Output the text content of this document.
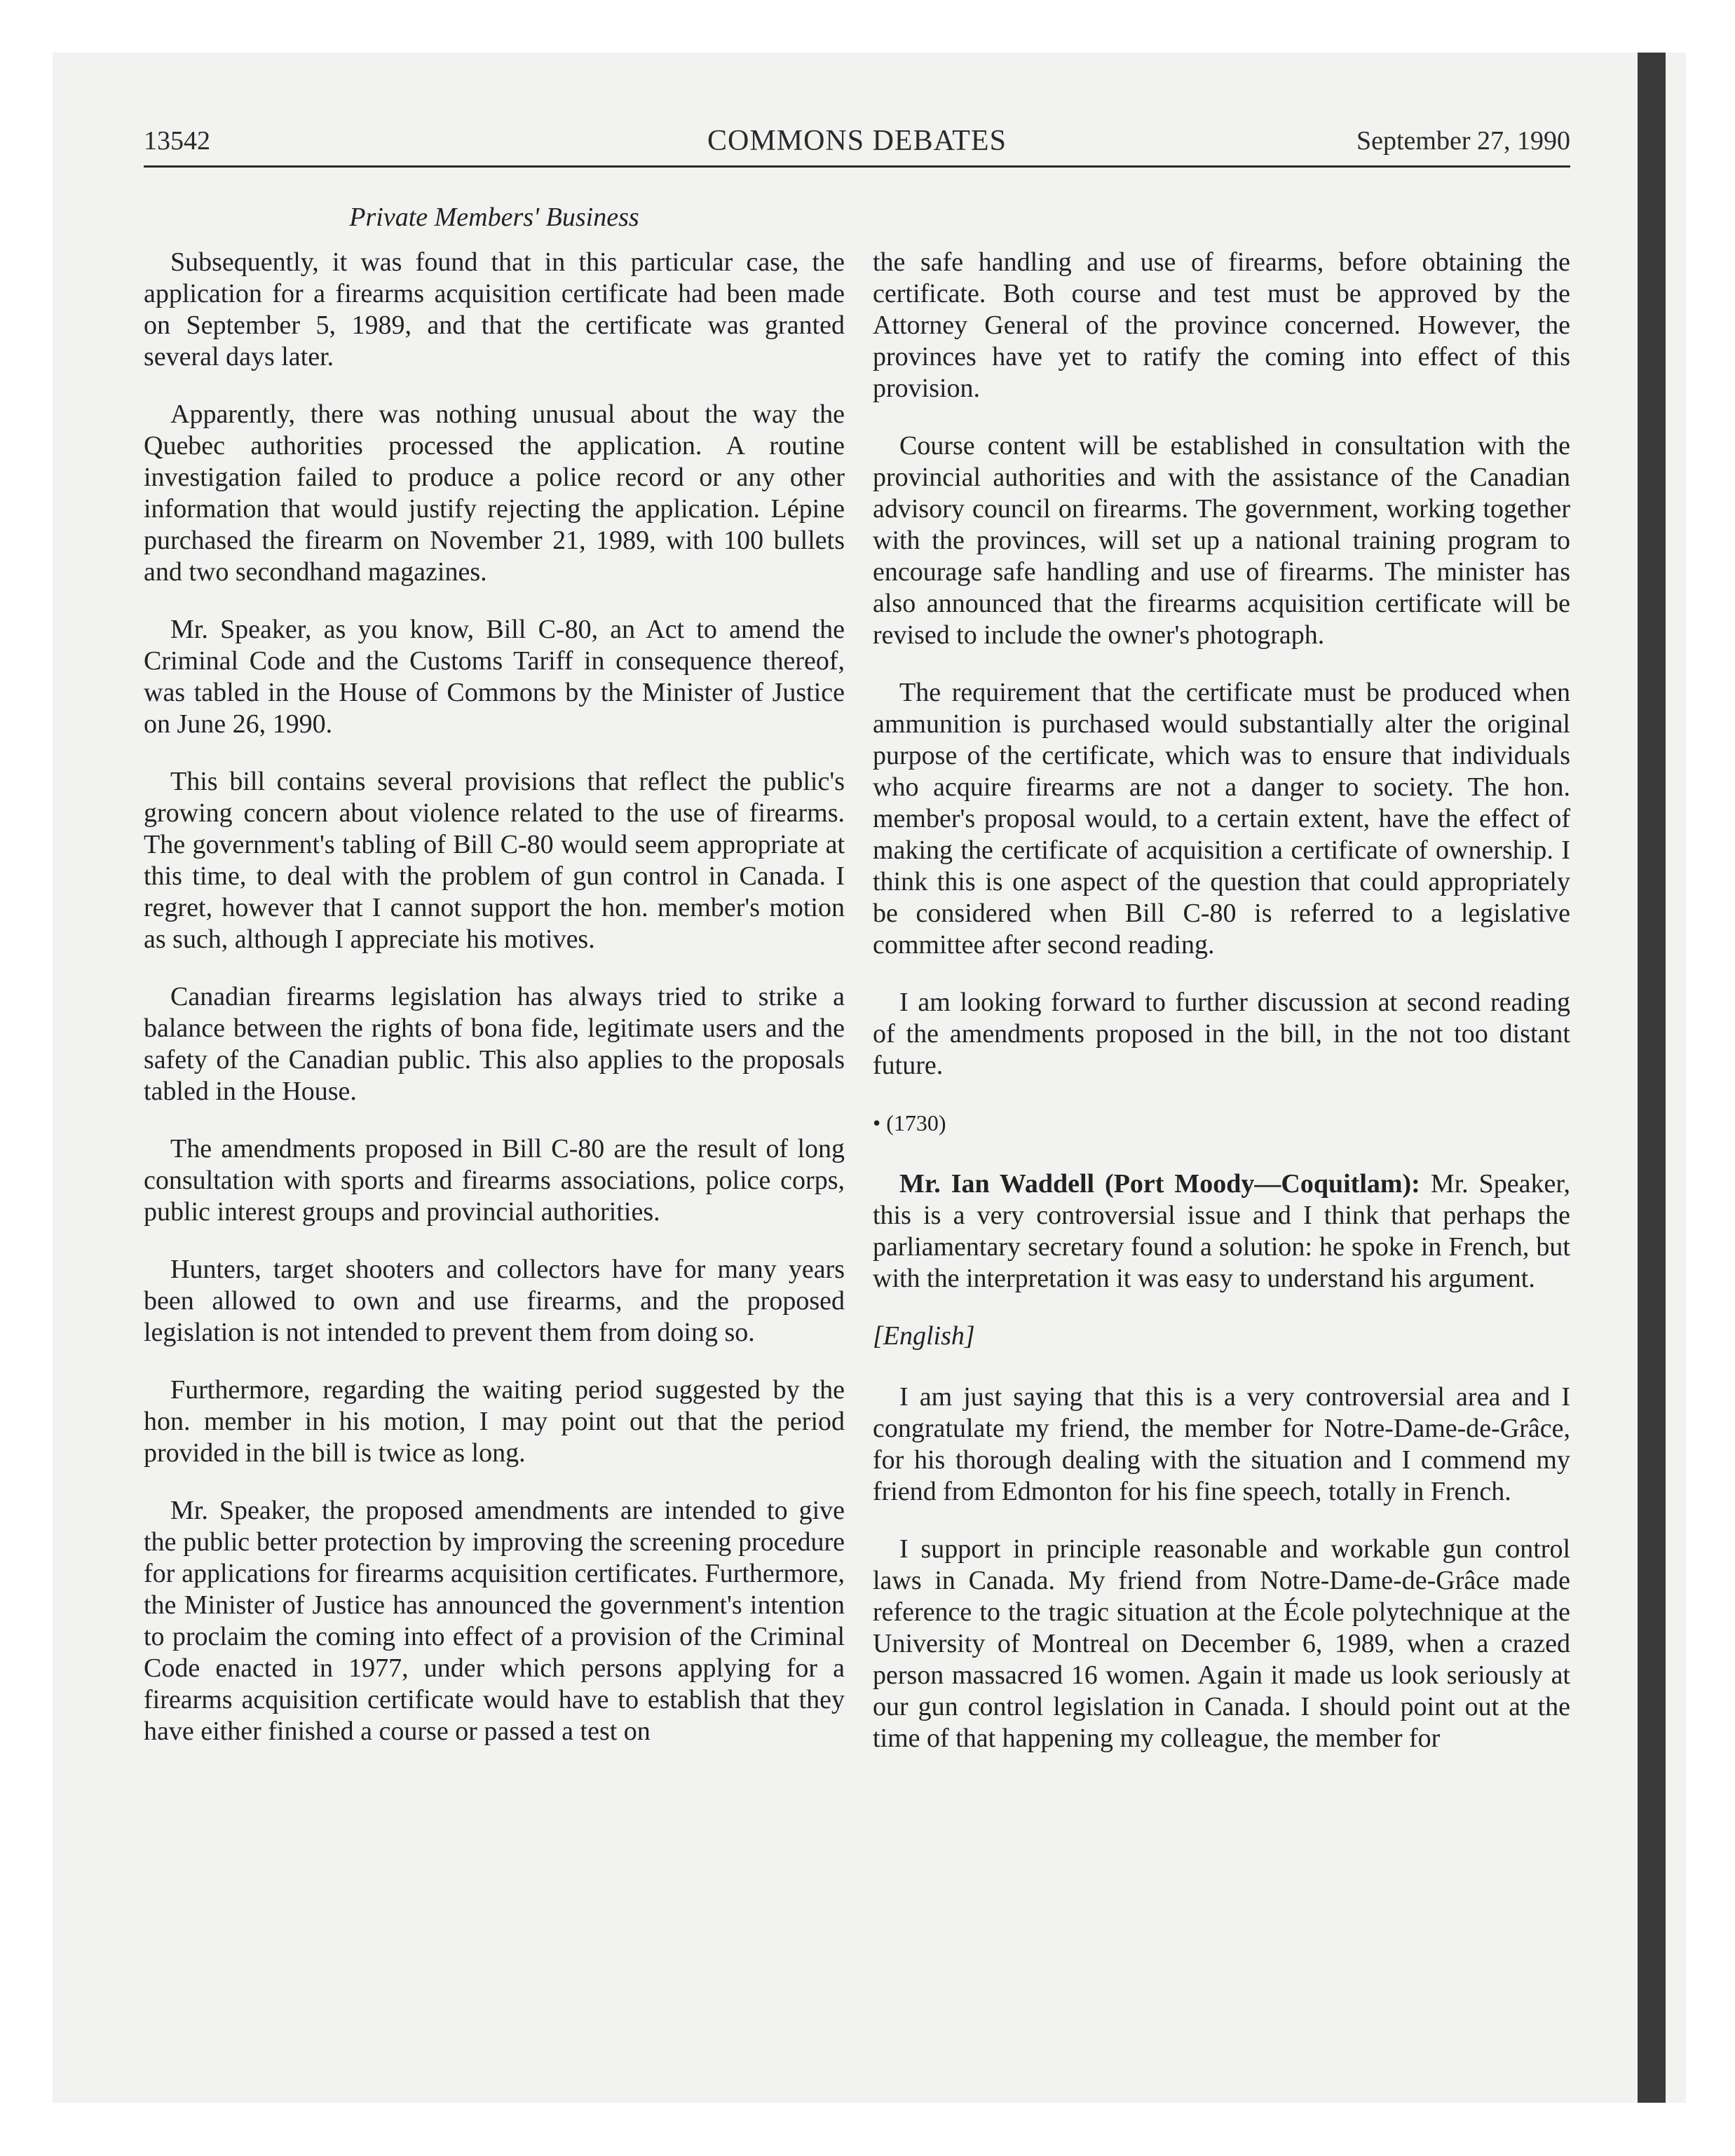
13542	COMMONS DEBATES	September 27, 1990
Private Members' Business

Subsequently, it was found that in this particular case, the application for a firearms acquisition certificate had been made on September 5, 1989, and that the certificate was granted several days later.

Apparently, there was nothing unusual about the way the Quebec authorities processed the application. A routine investigation failed to produce a police record or any other information that would justify rejecting the application. Lépine purchased the firearm on November 21, 1989, with 100 bullets and two secondhand magazines.

Mr. Speaker, as you know, Bill C-80, an Act to amend the Criminal Code and the Customs Tariff in consequence thereof, was tabled in the House of Commons by the Minister of Justice on June 26, 1990.

This bill contains several provisions that reflect the public's growing concern about violence related to the use of firearms. The government's tabling of Bill C-80 would seem appropriate at this time, to deal with the problem of gun control in Canada. I regret, however that I cannot support the hon. member's motion as such, although I appreciate his motives.

Canadian firearms legislation has always tried to strike a balance between the rights of bona fide, legitimate users and the safety of the Canadian public. This also applies to the proposals tabled in the House.

The amendments proposed in Bill C-80 are the result of long consultation with sports and firearms associations, police corps, public interest groups and provincial authorities.

Hunters, target shooters and collectors have for many years been allowed to own and use firearms, and the proposed legislation is not intended to prevent them from doing so.

Furthermore, regarding the waiting period suggested by the hon. member in his motion, I may point out that the period provided in the bill is twice as long.

Mr. Speaker, the proposed amendments are intended to give the public better protection by improving the screening procedure for applications for firearms acquisition certificates. Furthermore, the Minister of Justice has announced the government's intention to proclaim the coming into effect of a provision of the Criminal Code enacted in 1977, under which persons applying for a firearms acquisition certificate would have to establish that they have either finished a course or passed a test on

the safe handling and use of firearms, before obtaining the certificate. Both course and test must be approved by the Attorney General of the province concerned. However, the provinces have yet to ratify the coming into effect of this provision.

Course content will be established in consultation with the provincial authorities and with the assistance of the Canadian advisory council on firearms. The government, working together with the provinces, will set up a national training program to encourage safe handling and use of firearms. The minister has also announced that the firearms acquisition certificate will be revised to include the owner's photograph.

The requirement that the certificate must be produced when ammunition is purchased would substantially alter the original purpose of the certificate, which was to ensure that individuals who acquire firearms are not a danger to society. The hon. member's proposal would, to a certain extent, have the effect of making the certificate of acquisition a certificate of ownership. I think this is one aspect of the question that could appropriately be considered when Bill C-80 is referred to a legislative committee after second reading.

I am looking forward to further discussion at second reading of the amendments proposed in the bill, in the not too distant future.

• (1730)

Mr. Ian Waddell (Port Moody—Coquitlam): Mr. Speaker, this is a very controversial issue and I think that perhaps the parliamentary secretary found a solution: he spoke in French, but with the interpretation it was easy to understand his argument.

[English]

I am just saying that this is a very controversial area and I congratulate my friend, the member for Notre-Dame-de-Grâce, for his thorough dealing with the situation and I commend my friend from Edmonton for his fine speech, totally in French.

I support in principle reasonable and workable gun control laws in Canada. My friend from Notre-Dame-de-Grâce made reference to the tragic situation at the École polytechnique at the University of Montreal on December 6, 1989, when a crazed person massacred 16 women. Again it made us look seriously at our gun control legislation in Canada. I should point out at the time of that happening my colleague, the member for
